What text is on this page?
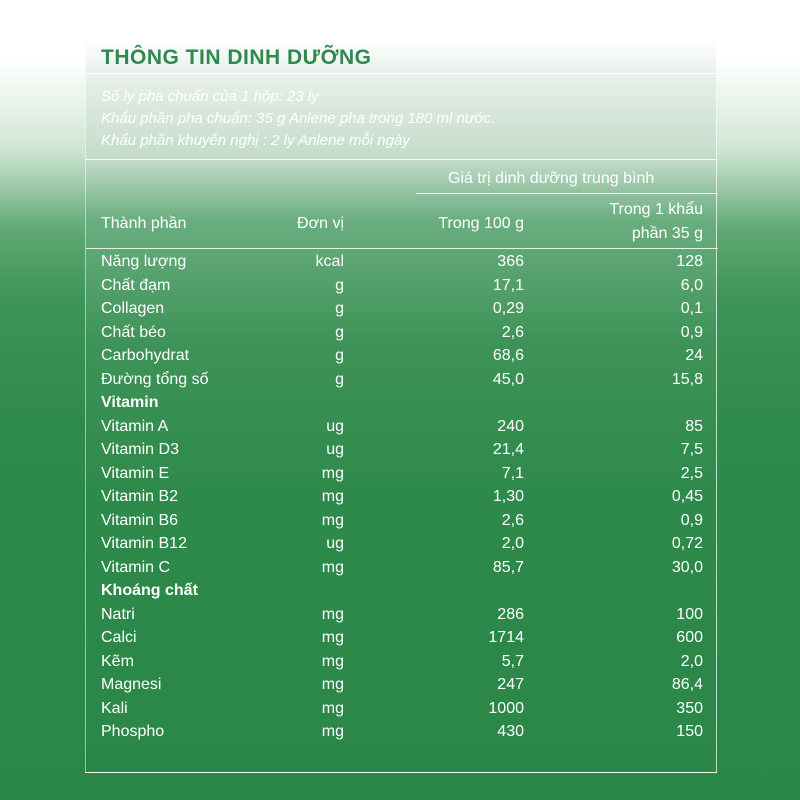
THÔNG TIN DINH DƯỠNG
Số ly pha chuẩn của 1 hộp: 23 ly
Khẩu phần pha chuẩn: 35 g Anlene pha trong 180 ml nước.
Khẩu phần khuyến nghị : 2 ly Anlene mỗi ngày
Giá trị dinh dưỡng trung bình
Thành phần	Đơn vị	Trong 100 g
Trong 1 khẩu
phần 35 g
Năng lượng	kcal	366	128
Chất đạm	g	17,1	6,0
Collagen	g	0,29	0,1
Chất béo	g	2,6	0,9
Carbohydrat	g	68,6	24
Đường tổng số	g	45,0	15,8
Vitamin
Vitamin A	ug	240	85
Vitamin D3	ug	21,4	7,5
Vitamin E	mg	7,1	2,5
Vitamin B2	mg	1,30	0,45
Vitamin B6	mg	2,6	0,9
Vitamin B12	ug	2,0	0,72
Vitamin C	mg	85,7	30,0
Khoáng chất
Natri	mg	286	100
Calci	mg	1714	600
Kẽm	mg	5,7	2,0
Magnesi	mg	247	86,4
Kali	mg	1000	350
Phospho	mg	430	150
